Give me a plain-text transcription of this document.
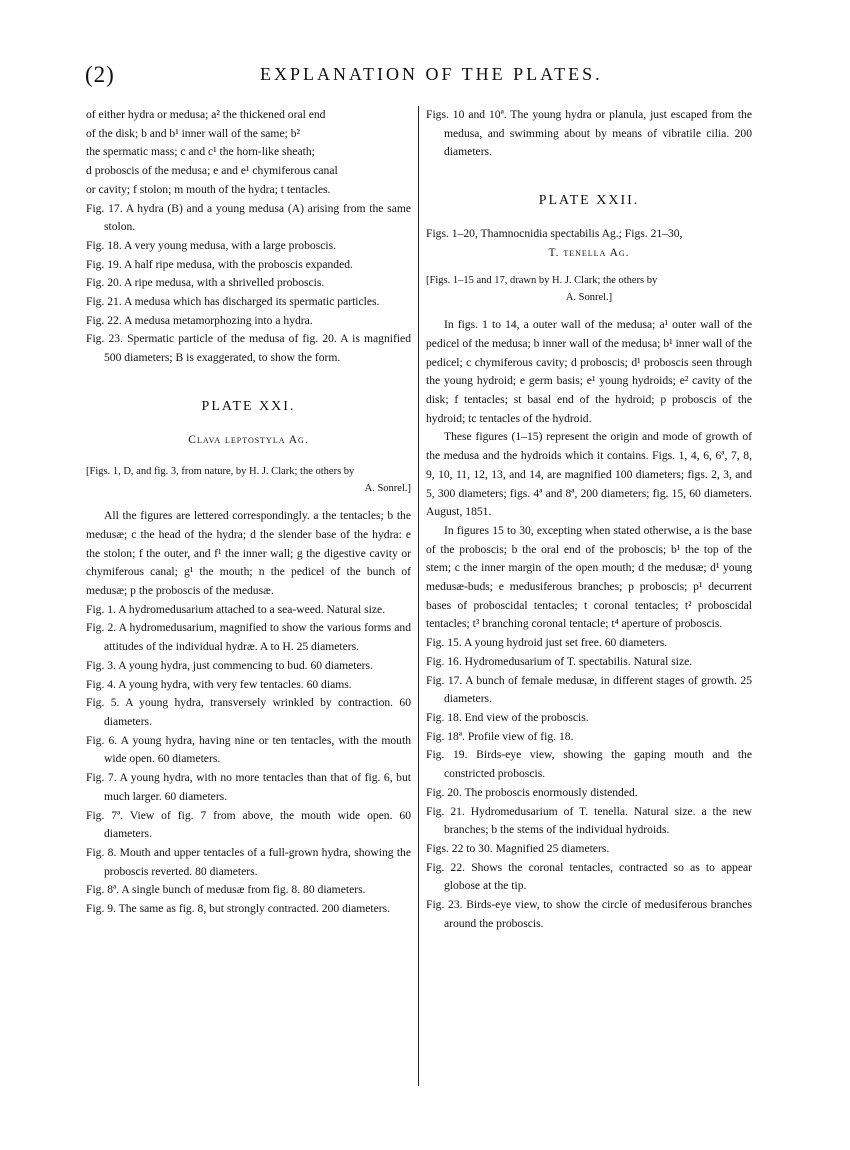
(2)	EXPLANATION OF THE PLATES.

of either hydra or medusa; a² the thickened oral end

of the disk; b and b¹ inner wall of the same; b²

the spermatic mass; c and c¹ the horn-like sheath;

d proboscis of the medusa; e and e¹ chymiferous canal

or cavity; f stolon; m mouth of the hydra; t tentacles.

Fig. 17. A hydra (B) and a young medusa (A) arising from the same stolon.

Fig. 18. A very young medusa, with a large proboscis.

Fig. 19. A half ripe medusa, with the proboscis expanded.

Fig. 20. A ripe medusa, with a shrivelled proboscis.

Fig. 21. A medusa which has discharged its spermatic particles.

Fig. 22. A medusa metamorphozing into a hydra.

Fig. 23. Spermatic particle of the medusa of fig. 20. A is magnified 500 diameters; B is exaggerated, to show the form.

PLATE XXI.

Clava leptostyla Ag.

[Figs. 1, D, and fig. 3, from nature, by H. J. Clark; the others by

A. Sonrel.]

All the figures are lettered correspondingly. a the tentacles; b the medusæ; c the head of the hydra; d the slender base of the hydra: e the stolon; f the outer, and f¹ the inner wall; g the digestive cavity or chymiferous canal; g¹ the mouth; n the pedicel of the bunch of medusæ; p the proboscis of the medusæ.

Fig. 1. A hydromedusarium attached to a sea-weed. Natural size.

Fig. 2. A hydromedusarium, magnified to show the various forms and attitudes of the individual hydræ. A to H. 25 diameters.

Fig. 3. A young hydra, just commencing to bud. 60 diameters.

Fig. 4. A young hydra, with very few tentacles. 60 diams.

Fig. 5. A young hydra, transversely wrinkled by contraction. 60 diameters.

Fig. 6. A young hydra, having nine or ten tentacles, with the mouth wide open. 60 diameters.

Fig. 7. A young hydra, with no more tentacles than that of fig. 6, but much larger. 60 diameters.

Fig. 7ª. View of fig. 7 from above, the mouth wide open. 60 diameters.

Fig. 8. Mouth and upper tentacles of a full-grown hydra, showing the proboscis reverted. 80 diameters.

Fig. 8ª. A single bunch of medusæ from fig. 8. 80 diameters.

Fig. 9. The same as fig. 8, but strongly contracted. 200 diameters.

Figs. 10 and 10ª. The young hydra or planula, just escaped from the medusa, and swimming about by means of vibratile cilia. 200 diameters.

PLATE XXII.

Figs. 1–20, Thamnocnidia spectabilis Ag.; Figs. 21–30,

T. tenella Ag.

[Figs. 1–15 and 17, drawn by H. J. Clark; the others by

A. Sonrel.]

In figs. 1 to 14, a outer wall of the medusa; a¹ outer wall of the pedicel of the medusa; b inner wall of the medusa; b¹ inner wall of the pedicel; c chymiferous cavity; d proboscis; d¹ proboscis seen through the young hydroid; e germ basis; e¹ young hydroids; e² cavity of the disk; f tentacles; st basal end of the hydroid; p proboscis of the hydroid; tc tentacles of the hydroid.

These figures (1–15) represent the origin and mode of growth of the medusa and the hydroids which it contains. Figs. 1, 4, 6, 6ª, 7, 8, 9, 10, 11, 12, 13, and 14, are magnified 100 diameters; figs. 2, 3, and 5, 300 diameters; figs. 4ª and 8ª, 200 diameters; fig. 15, 60 diameters. August, 1851.

In figures 15 to 30, excepting when stated otherwise, a is the base of the proboscis; b the oral end of the proboscis; b¹ the top of the stem; c the inner margin of the open mouth; d the medusæ; d¹ young medusæ-buds; e medusiferous branches; p proboscis; p¹ decurrent bases of proboscidal tentacles; t coronal tentacles; t² proboscidal tentacles; t³ branching coronal tentacle; t⁴ aperture of proboscis.

Fig. 15. A young hydroid just set free. 60 diameters.

Fig. 16. Hydromedusarium of T. spectabilis. Natural size.

Fig. 17. A bunch of female medusæ, in different stages of growth. 25 diameters.

Fig. 18. End view of the proboscis.

Fig. 18ª. Profile view of fig. 18.

Fig. 19. Birds-eye view, showing the gaping mouth and the constricted proboscis.

Fig. 20. The proboscis enormously distended.

Fig. 21. Hydromedusarium of T. tenella. Natural size. a the new branches; b the stems of the individual hydroids.

Figs. 22 to 30. Magnified 25 diameters.

Fig. 22. Shows the coronal tentacles, contracted so as to appear globose at the tip.

Fig. 23. Birds-eye view, to show the circle of medusiferous branches around the proboscis.
